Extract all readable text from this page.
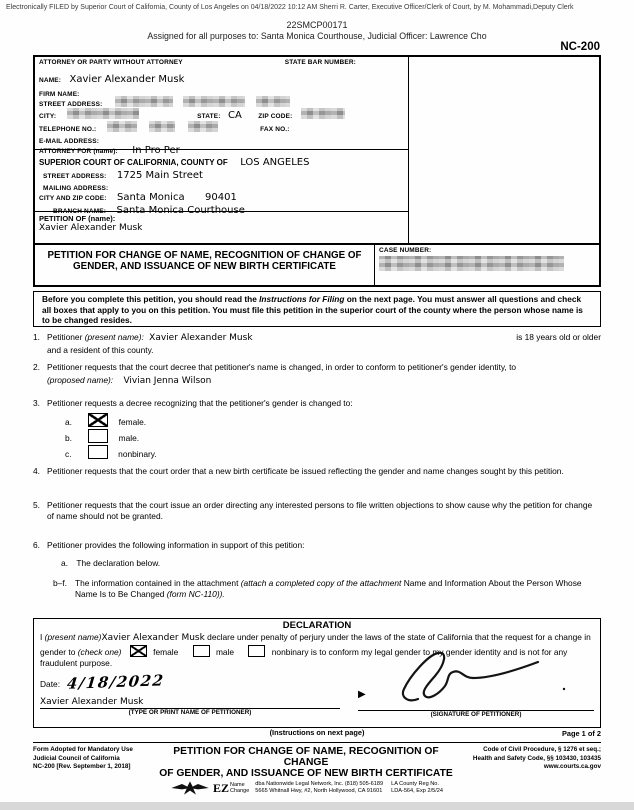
Electronically FILED by Superior Court of California, County of Los Angeles on 04/18/2022 10:12 AM Sherri R. Carter, Executive Officer/Clerk of Court, by M. Mohammadi,Deputy Clerk
22SMCP00171
Assigned for all purposes to: Santa Monica Courthouse, Judicial Officer: Lawrence Cho
NC-200
ATTORNEY OR PARTY WITHOUT ATTORNEY	STATE BAR NUMBER:
NAME: Xavier Alexander Musk
FIRM NAME:
STREET ADDRESS:
CITY:	STATE: CA	ZIP CODE:
TELEPHONE NO.:	FAX NO.:
E-MAIL ADDRESS:
ATTORNEY FOR (name): In Pro Per
SUPERIOR COURT OF CALIFORNIA, COUNTY OF LOS ANGELES
STREET ADDRESS: 1725 Main Street
MAILING ADDRESS:
CITY AND ZIP CODE: Santa Monica 90401
BRANCH NAME: Santa Monica Courthouse
PETITION OF (name):
Xavier Alexander Musk
PETITION FOR CHANGE OF NAME, RECOGNITION OF CHANGE OF
GENDER, AND ISSUANCE OF NEW BIRTH CERTIFICATE
CASE NUMBER:
Before you complete this petition, you should read the Instructions for Filing on the next page. You must answer all questions and check all boxes that apply to you on this petition. You must file this petition in the superior court of the county where the person whose name is to be changed resides.
1. Petitioner (present name): Xavier Alexander Musk	is 18 years old or older
and a resident of this county.
2. Petitioner requests that the court decree that petitioner's name is changed, in order to conform to petitioner's gender identity, to
(proposed name): Vivian Jenna Wilson
3. Petitioner requests a decree recognizing that the petitioner's gender is changed to:
a.	female.
b.	male.
c.	nonbinary.
4. Petitioner requests that the court order that a new birth certificate be issued reflecting the gender and name changes sought by this petition.
5. Petitioner requests that the court issue an order directing any interested persons to file written objections to show cause why the petition for change of name should not be granted.
6. Petitioner provides the following information in support of this petition:
a. The declaration below.
b–f. The information contained in the attachment (attach a completed copy of the attachment Name and Information About the Person Whose Name Is to Be Changed (form NC-110)).
DECLARATION
I (present name)Xavier Alexander Musk declare under penalty of perjury under the laws of the state of California that the request for a change in gender to (check one)	female	male	nonbinary is to conform my legal gender to my gender identity and is not for any fraudulent purpose.
Date: 4/18/2022
Xavier Alexander Musk
(TYPE OR PRINT NAME OF PETITIONER)
▶
(SIGNATURE OF PETITIONER)
(Instructions on next page)	Page 1 of 2
Form Adopted for Mandatory Use
Judicial Council of California
NC-200 [Rev. September 1, 2018]
PETITION FOR CHANGE OF NAME, RECOGNITION OF CHANGE
OF GENDER, AND ISSUANCE OF NEW BIRTH CERTIFICATE
EZ Name
Change
dba Nationwide Legal Network, Inc. (818) 505-6189
5665 Whitnall Hwy, #2, North Hollywood, CA 91601
LA County Reg No.
LDA-564, Exp 2/5/24
Code of Civil Procedure, § 1276 et seq.;
Health and Safety Code, §§ 103430, 103435
www.courts.ca.gov
